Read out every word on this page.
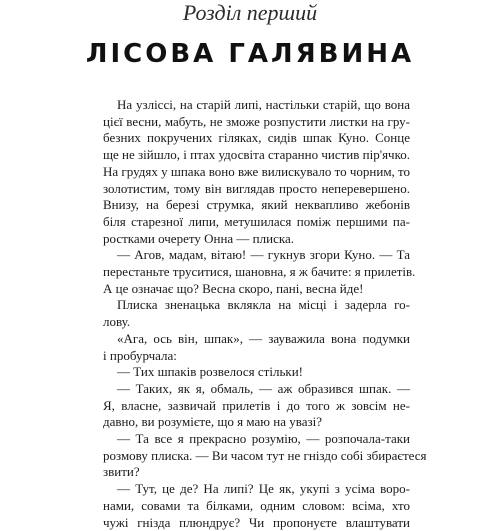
Розділ перший
ЛІСОВА ГАЛЯВИНА
На узліссі, на старій липі, настільки старій, що вона
цієї весни, мабуть, не зможе розпустити листки на гру-
безних покручених гіляках, сидів шпак Куно. Сонце
ще не зійшло, і птах удосвіта старанно чистив пір'ячко.
На грудях у шпака воно вже вилискувало то чорним, то
золотистим, тому він виглядав просто неперевершено.
Внизу, на березі струмка, який неквапливо жебонів
біля старезної липи, метушилася поміж першими па-
ростками очерету Онна — плиска.
— Агов, мадам, вітаю! — гукнув згори Куно. — Та
перестаньте труситися, шановна, я ж бачите: я прилетів.
А це означає що? Весна скоро, пані, весна йде!
Плиска зненацька вклякла на місці і задерла го-
лову.
«Ага, ось він, шпак», — зауважила вона подумки
і пробурчала:
— Тих шпаків розвелося стільки!
— Таких, як я, обмаль, — аж образився шпак. —
Я, власне, зазвичай прилетів і до того ж зовсім не-
давно, ви розумієте, що я маю на увазі?
— Та все я прекрасно розумію, — розпочала-таки
розмову плиска. — Ви часом тут не гніздо собі збираєтеся
звити?
— Тут, це де? На липі? Це як, укупі з усіма воро-
нами, совами та білками, одним словом: всіма, хто
чужі гнізда плюндрує? Чи пропонуєте влаштувати
